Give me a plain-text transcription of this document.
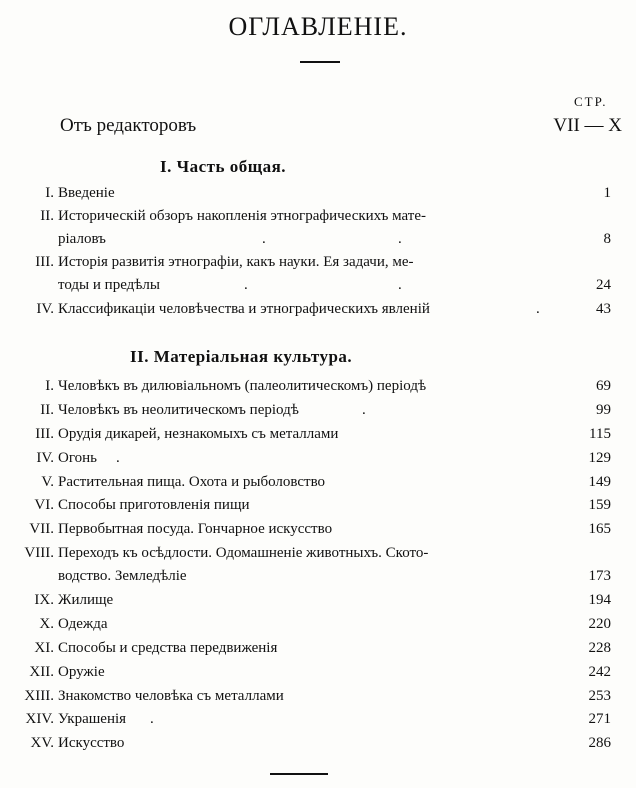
ОГЛАВЛЕНІЕ.
СТР.
Отъ редакторовъ	VII — X
I. Часть общая.
I. Введеніе	1
II. Историческій обзоръ накопленія этнографическихъ мате-
ріаловъ	.	.	8
III. Исторія развитія этнографіи, какъ науки. Ея задачи, ме-
тоды и предѣлы	.	.	24
IV. Классификаціи человѣчества и этнографическихъ явленій	.	43
II. Матеріальная культура.
I. Человѣкъ въ дилювіальномъ (палеолитическомъ) періодѣ	69
II. Человѣкъ въ неолитическомъ періодѣ	.	99
III. Орудія дикарей, незнакомыхъ съ металлами	115
IV. Огонь .	129
V. Растительная пища. Охота и рыболовство	149
VI. Способы приготовленія пищи	159
VII. Первобытная посуда. Гончарное искусство	165
VIII. Переходъ къ осѣдлости. Одомашненіе животныхъ. Ското-
водство. Земледѣліе	173
IX. Жилище	194
X. Одежда	220
XI. Способы и средства передвиженія	228
XII. Оружіе	242
XIII. Знакомство человѣка съ металлами	253
XIV. Украшенія .	271
XV. Искусство	286
